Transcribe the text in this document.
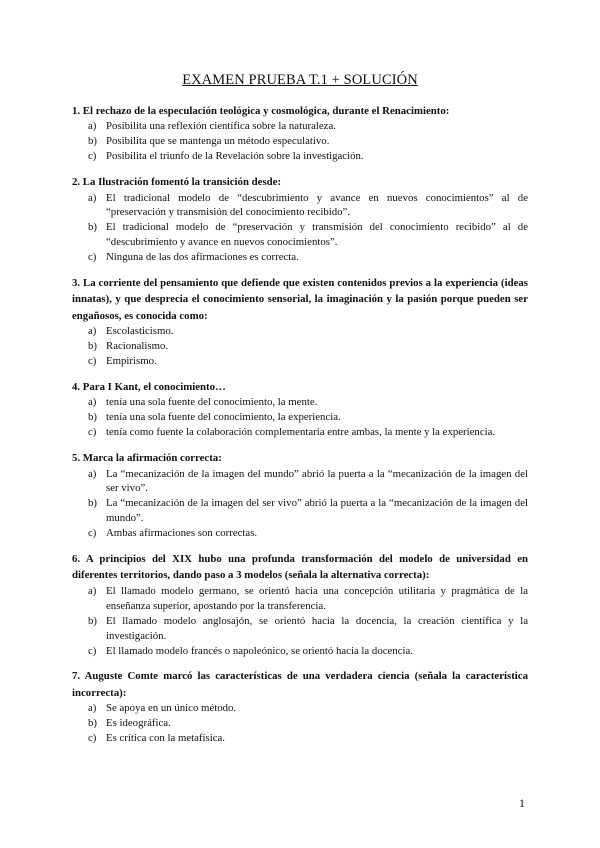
EXAMEN PRUEBA T.1 + SOLUCIÓN
1. El rechazo de la especulación teológica y cosmológica, durante el Renacimiento:
a) Posibilita una reflexión científica sobre la naturaleza.
b) Posibilita que se mantenga un método especulativo.
c) Posibilita el triunfo de la Revelación sobre la investigación.
2. La Ilustración fomentó la transición desde:
a) El tradicional modelo de “descubrimiento y avance en nuevos conocimientos” al de “preservación y transmisión del conocimiento recibido”.
b) El tradicional modelo de “preservación y transmisión del conocimiento recibido” al de “descubrimiento y avance en nuevos conocimientos”.
c) Ninguna de las dos afirmaciones es correcta.
3. La corriente del pensamiento que defiende que existen contenidos previos a la experiencia (ideas innatas), y que desprecia el conocimiento sensorial, la imaginación y la pasión porque pueden ser engañosos, es conocida como:
a) Escolasticismo.
b) Racionalismo.
c) Empirismo.
4. Para I Kant, el conocimiento…
a) tenía una sola fuente del conocimiento, la mente.
b) tenía una sola fuente del conocimiento, la experiencia.
c) tenía como fuente la colaboración complementaria entre ambas, la mente y la experiencia.
5. Marca la afirmación correcta:
a) La “mecanización de la imagen del mundo” abrió la puerta a la “mecanización de la imagen del ser vivo”.
b) La “mecanización de la imagen del ser vivo” abrió la puerta a la “mecanización de la imagen del mundo”.
c) Ambas afirmaciones son correctas.
6. A principios del XIX hubo una profunda transformación del modelo de universidad en diferentes territorios, dando paso a 3 modelos (señala la alternativa correcta):
a) El llamado modelo germano, se orientó hacia una concepción utilitaria y pragmática de la enseñanza superior, apostando por la transferencia.
b) El llamado modelo anglosajón, se orientó hacia la docencia, la creación científica y la investigación.
c) El llamado modelo francés o napoleónico, se orientó hacia la docencia.
7. Auguste Comte marcó las características de una verdadera ciencia (señala la característica incorrecta):
a) Se apoya en un único método.
b) Es ideográfica.
c) Es crítica con la metafísica.
1
